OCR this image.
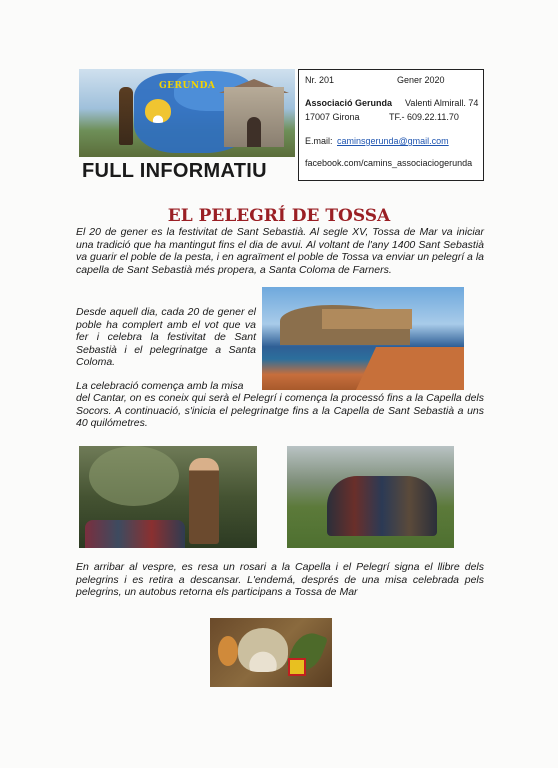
GERUNDA
FULL INFORMATIU
Nr. 201	Gener 2020
Associació Gerunda Valenti Almirall. 74
17007 Girona	TF.- 609.22.11.70
E.mail: caminsgerunda@gmail.com
facebook.com/camins_associaciogerunda
EL PELEGRÍ DE TOSSA
El 20 de gener es la festivitat de Sant Sebastià. Al segle XV, Tossa de Mar va iniciar una tradició que ha mantingut fins el dia de avui. Al voltant de l'any 1400 Sant Sebastià va guarir el poble de la pesta, i en agraïment el poble de Tossa va enviar un pelegrí a la capella de Sant Sebastià més propera, a Santa Coloma de Farners.
Desde aquell dia, cada 20 de gener el poble ha complert amb el vot que va fer i celebra la festivitat de Sant Sebastià i el pelegrinatge a Santa Coloma.
La celebració comença amb la misa
del Cantar, on es coneix qui serà el Pelegrí i comença la processó fins a la Capella dels Socors. A continuació, s'inicia el pelegrinatge fins a la Capella de Sant Sebastià a uns 40 quilómetres.
En arribar al vespre, es resa un rosari a la Capella i el Pelegrí signa el llibre dels pelegrins i es retira a descansar. L'endemá, després de una misa celebrada pels pelegrins, un autobus retorna els participans a Tossa de Mar
